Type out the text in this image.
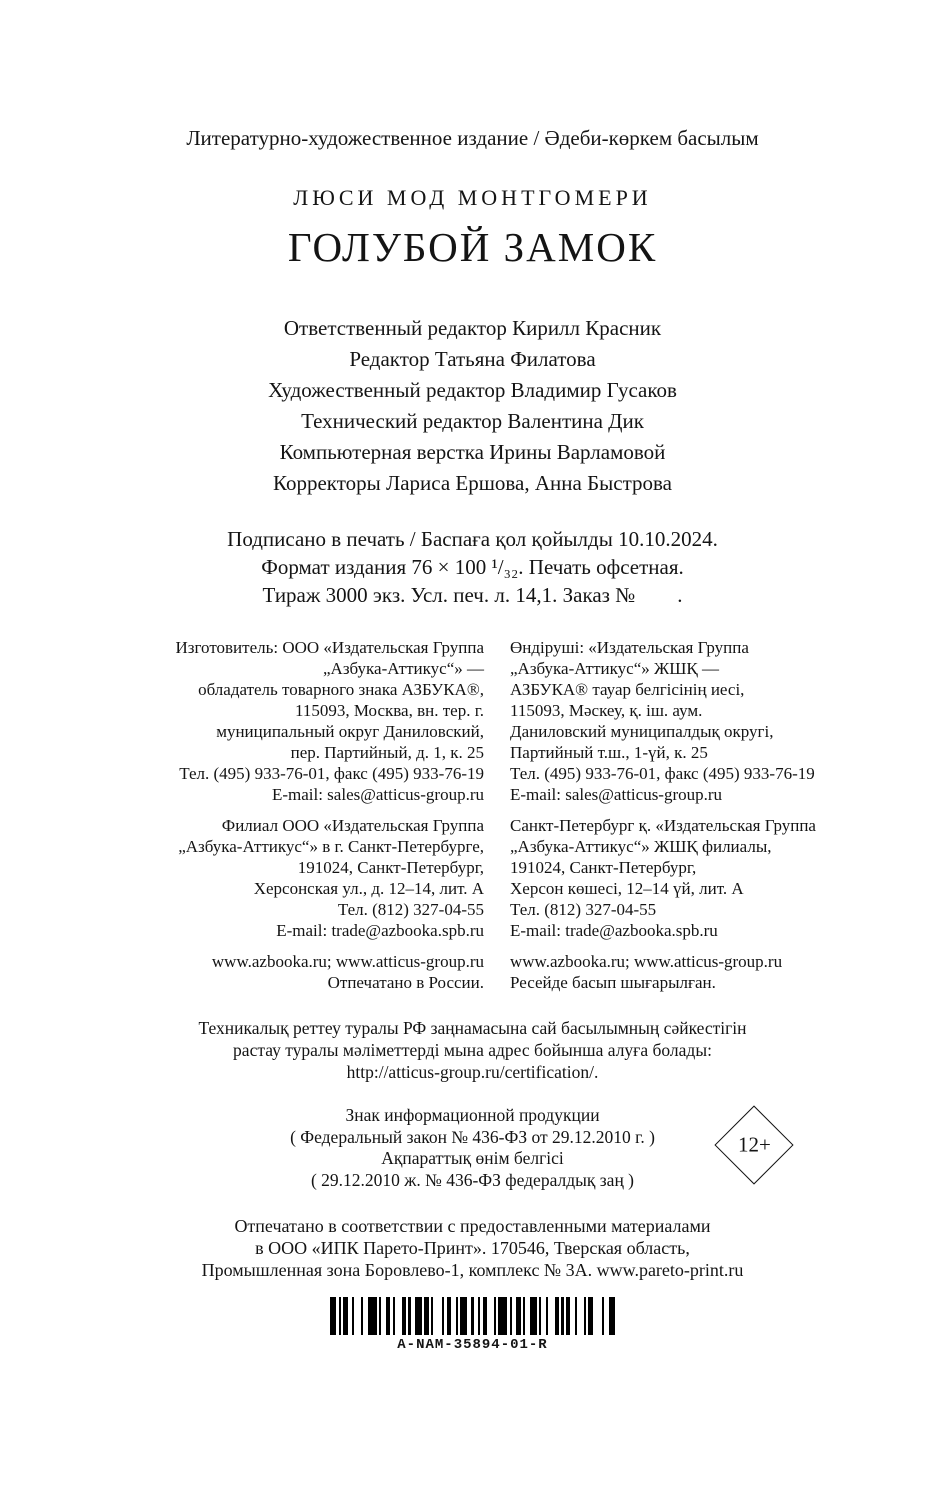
Литературно-художественное издание / Әдеби-көркем басылым
ЛЮСИ МОД МОНТГОМЕРИ
ГОЛУБОЙ ЗАМОК
Ответственный редактор Кирилл Красник
Редактор Татьяна Филатова
Художественный редактор Владимир Гусаков
Технический редактор Валентина Дик
Компьютерная верстка Ирины Варламовой
Корректоры Лариса Ершова, Анна Быстрова
Подписано в печать / Баспаға қол қойылды 10.10.2024.
Формат издания 76 × 100 ¹/₃₂. Печать офсетная.
Тираж 3000 экз. Усл. печ. л. 14,1. Заказ №        .
Изготовитель: ООО «Издательская Группа
„Азбука-Аттикус“» —
обладатель товарного знака АЗБУКА®,
115093, Москва, вн. тер. г.
муниципальный округ Даниловский,
пер. Партийный, д. 1, к. 25
Тел. (495) 933-76-01, факс (495) 933-76-19
E-mail: sales@atticus-group.ru
Өндіруші: «Издательская Группа
„Азбука-Аттикус“» ЖШҚ —
АЗБУКА® тауар белгісінің иесі,
115093, Мәскеу, қ. іш. аум.
Даниловский муниципалдық округі,
Партийный т.ш., 1-үй, к. 25
Тел. (495) 933-76-01, факс (495) 933-76-19
E-mail: sales@atticus-group.ru
Филиал ООО «Издательская Группа
„Азбука-Аттикус“» в г. Санкт-Петербурге,
191024, Санкт-Петербург,
Херсонская ул., д. 12–14, лит. А
Тел. (812) 327-04-55
E-mail: trade@azbooka.spb.ru
Санкт-Петербург қ. «Издательская Группа
„Азбука-Аттикус“» ЖШҚ филиалы,
191024, Санкт-Петербург,
Херсон көшесі, 12–14 үй, лит. А
Тел. (812) 327-04-55
E-mail: trade@azbooka.spb.ru
www.azbooka.ru; www.atticus-group.ru
Отпечатано в России.
www.azbooka.ru; www.atticus-group.ru
Ресейде басып шығарылған.
Техникалық реттеу туралы РФ заңнамасына сай басылымның сәйкестігін
растау туралы мәліметтерді мына адрес бойынша алуға болады:
http://atticus-group.ru/certification/.
Знак информационной продукции
( Федеральный закон № 436-ФЗ от 29.12.2010 г. )
Ақпараттық өнім белгісі
( 29.12.2010 ж. № 436-ФЗ федералдық заң )
12+
Отпечатано в соответствии с предоставленными материалами
в ООО «ИПК Парето-Принт». 170546, Тверская область,
Промышленная зона Боровлево-1, комплекс № 3А. www.pareto-print.ru
A-NAM-35894-01-R
